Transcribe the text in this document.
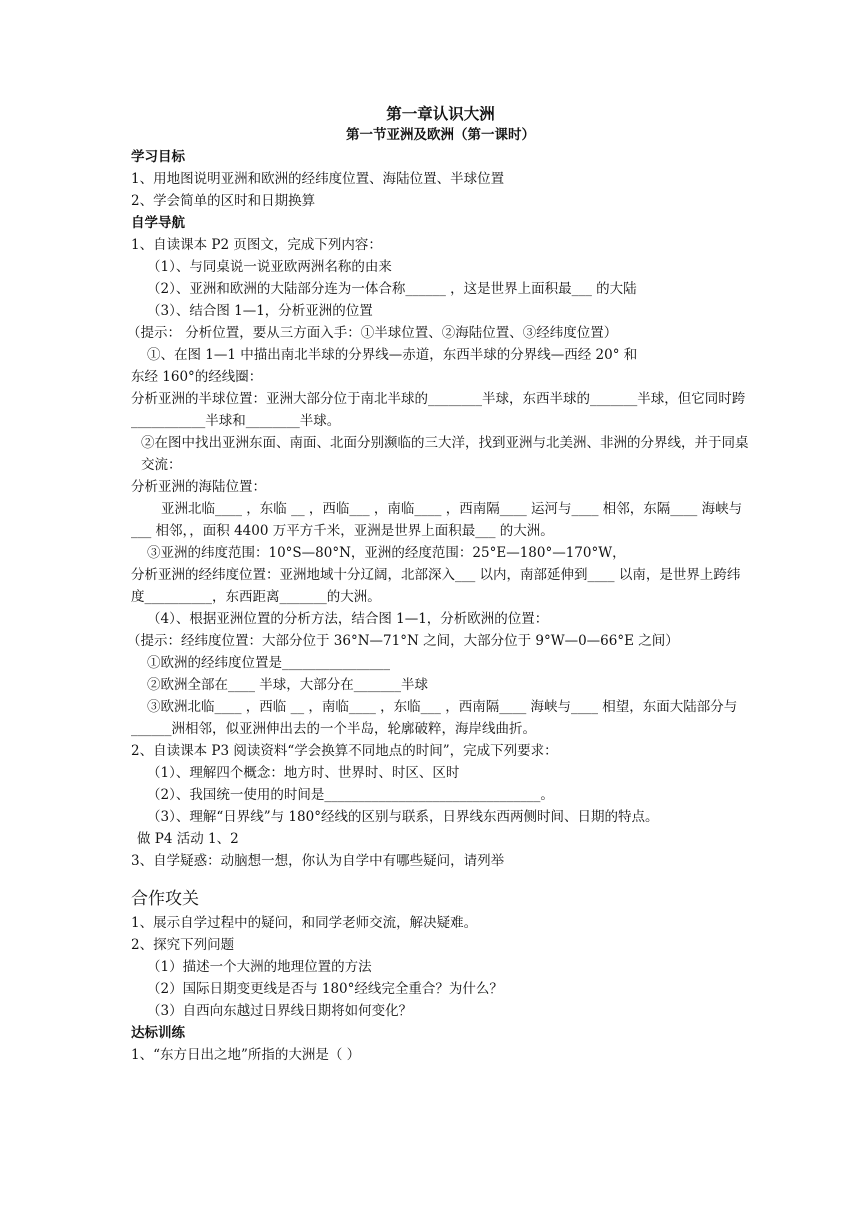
第一章认识大洲
第一节亚洲及欧洲（第一课时）
学习目标
1、用地图说明亚洲和欧洲的经纬度位置、海陆位置、半球位置
2、学会简单的区时和日期换算
自学导航
1、自读课本 P2 页图文，完成下列内容：
（1）、与同桌说一说亚欧两洲名称的由来
（2）、亚洲和欧洲的大陆部分连为一体合称______ ，这是世界上面积最___ 的大陆
（3）、结合图 1—1，分析亚洲的位置
（提示： 分析位置，要从三方面入手：①半球位置、②海陆位置、③经纬度位置）
①、在图 1—1 中描出南北半球的分界线—赤道，东西半球的分界线—西经 20° 和
东经 160°的经线圈：
分析亚洲的半球位置：亚洲大部分位于南北半球的________半球，东西半球的_______半球，但它同时跨___________半球和________半球。
②在图中找出亚洲东面、南面、北面分别濒临的三大洋，找到亚洲与北美洲、非洲的分界线，并于同桌交流：
分析亚洲的海陆位置：
亚洲北临____ ，东临 __ ，西临___ ，南临____ ，西南隔____ 运河与____ 相邻，东隔____ 海峡与___ 相邻，，面积 4400 万平方千米，亚洲是世界上面积最___ 的大洲。
③亚洲的纬度范围：10°S—80°N，亚洲的经度范围：25°E—180°—170°W，
分析亚洲的经纬度位置：亚洲地域十分辽阔，北部深入___ 以内，南部延伸到____ 以南，是世界上跨纬度__________，东西距离_______的大洲。
（4）、根据亚洲位置的分析方法，结合图 1—1，分析欧洲的位置：
（提示：经纬度位置：大部分位于 36°N—71°N 之间，大部分位于 9°W—0—66°E 之间）
①欧洲的经纬度位置是________________
②欧洲全部在____ 半球，大部分在_______半球
③欧洲北临____ ，西临 __ ，南临____ ，东临___ ，西南隔____ 海峡与____ 相望，东面大陆部分与______洲相邻，似亚洲伸出去的一个半岛，轮廓破粹，海岸线曲折。
2、自读课本 P3 阅读资料“学会换算不同地点的时间”，完成下列要求：
（1）、理解四个概念：地方时、世界时、时区、区时
（2）、我国统一使用的时间是________________________________。
（3）、理解“日界线”与 180°经线的区别与联系，日界线东西两侧时间、日期的特点。
做 P4 活动 1、2
3、自学疑惑：动脑想一想，你认为自学中有哪些疑问，请列举
合作攻关
1、展示自学过程中的疑问，和同学老师交流，解决疑难。
2、探究下列问题
（1）描述一个大洲的地理位置的方法
（2）国际日期变更线是否与 180°经线完全重合？为什么？
（3）自西向东越过日界线日期将如何变化？
达标训练
1、“东方日出之地”所指的大洲是（ ）
